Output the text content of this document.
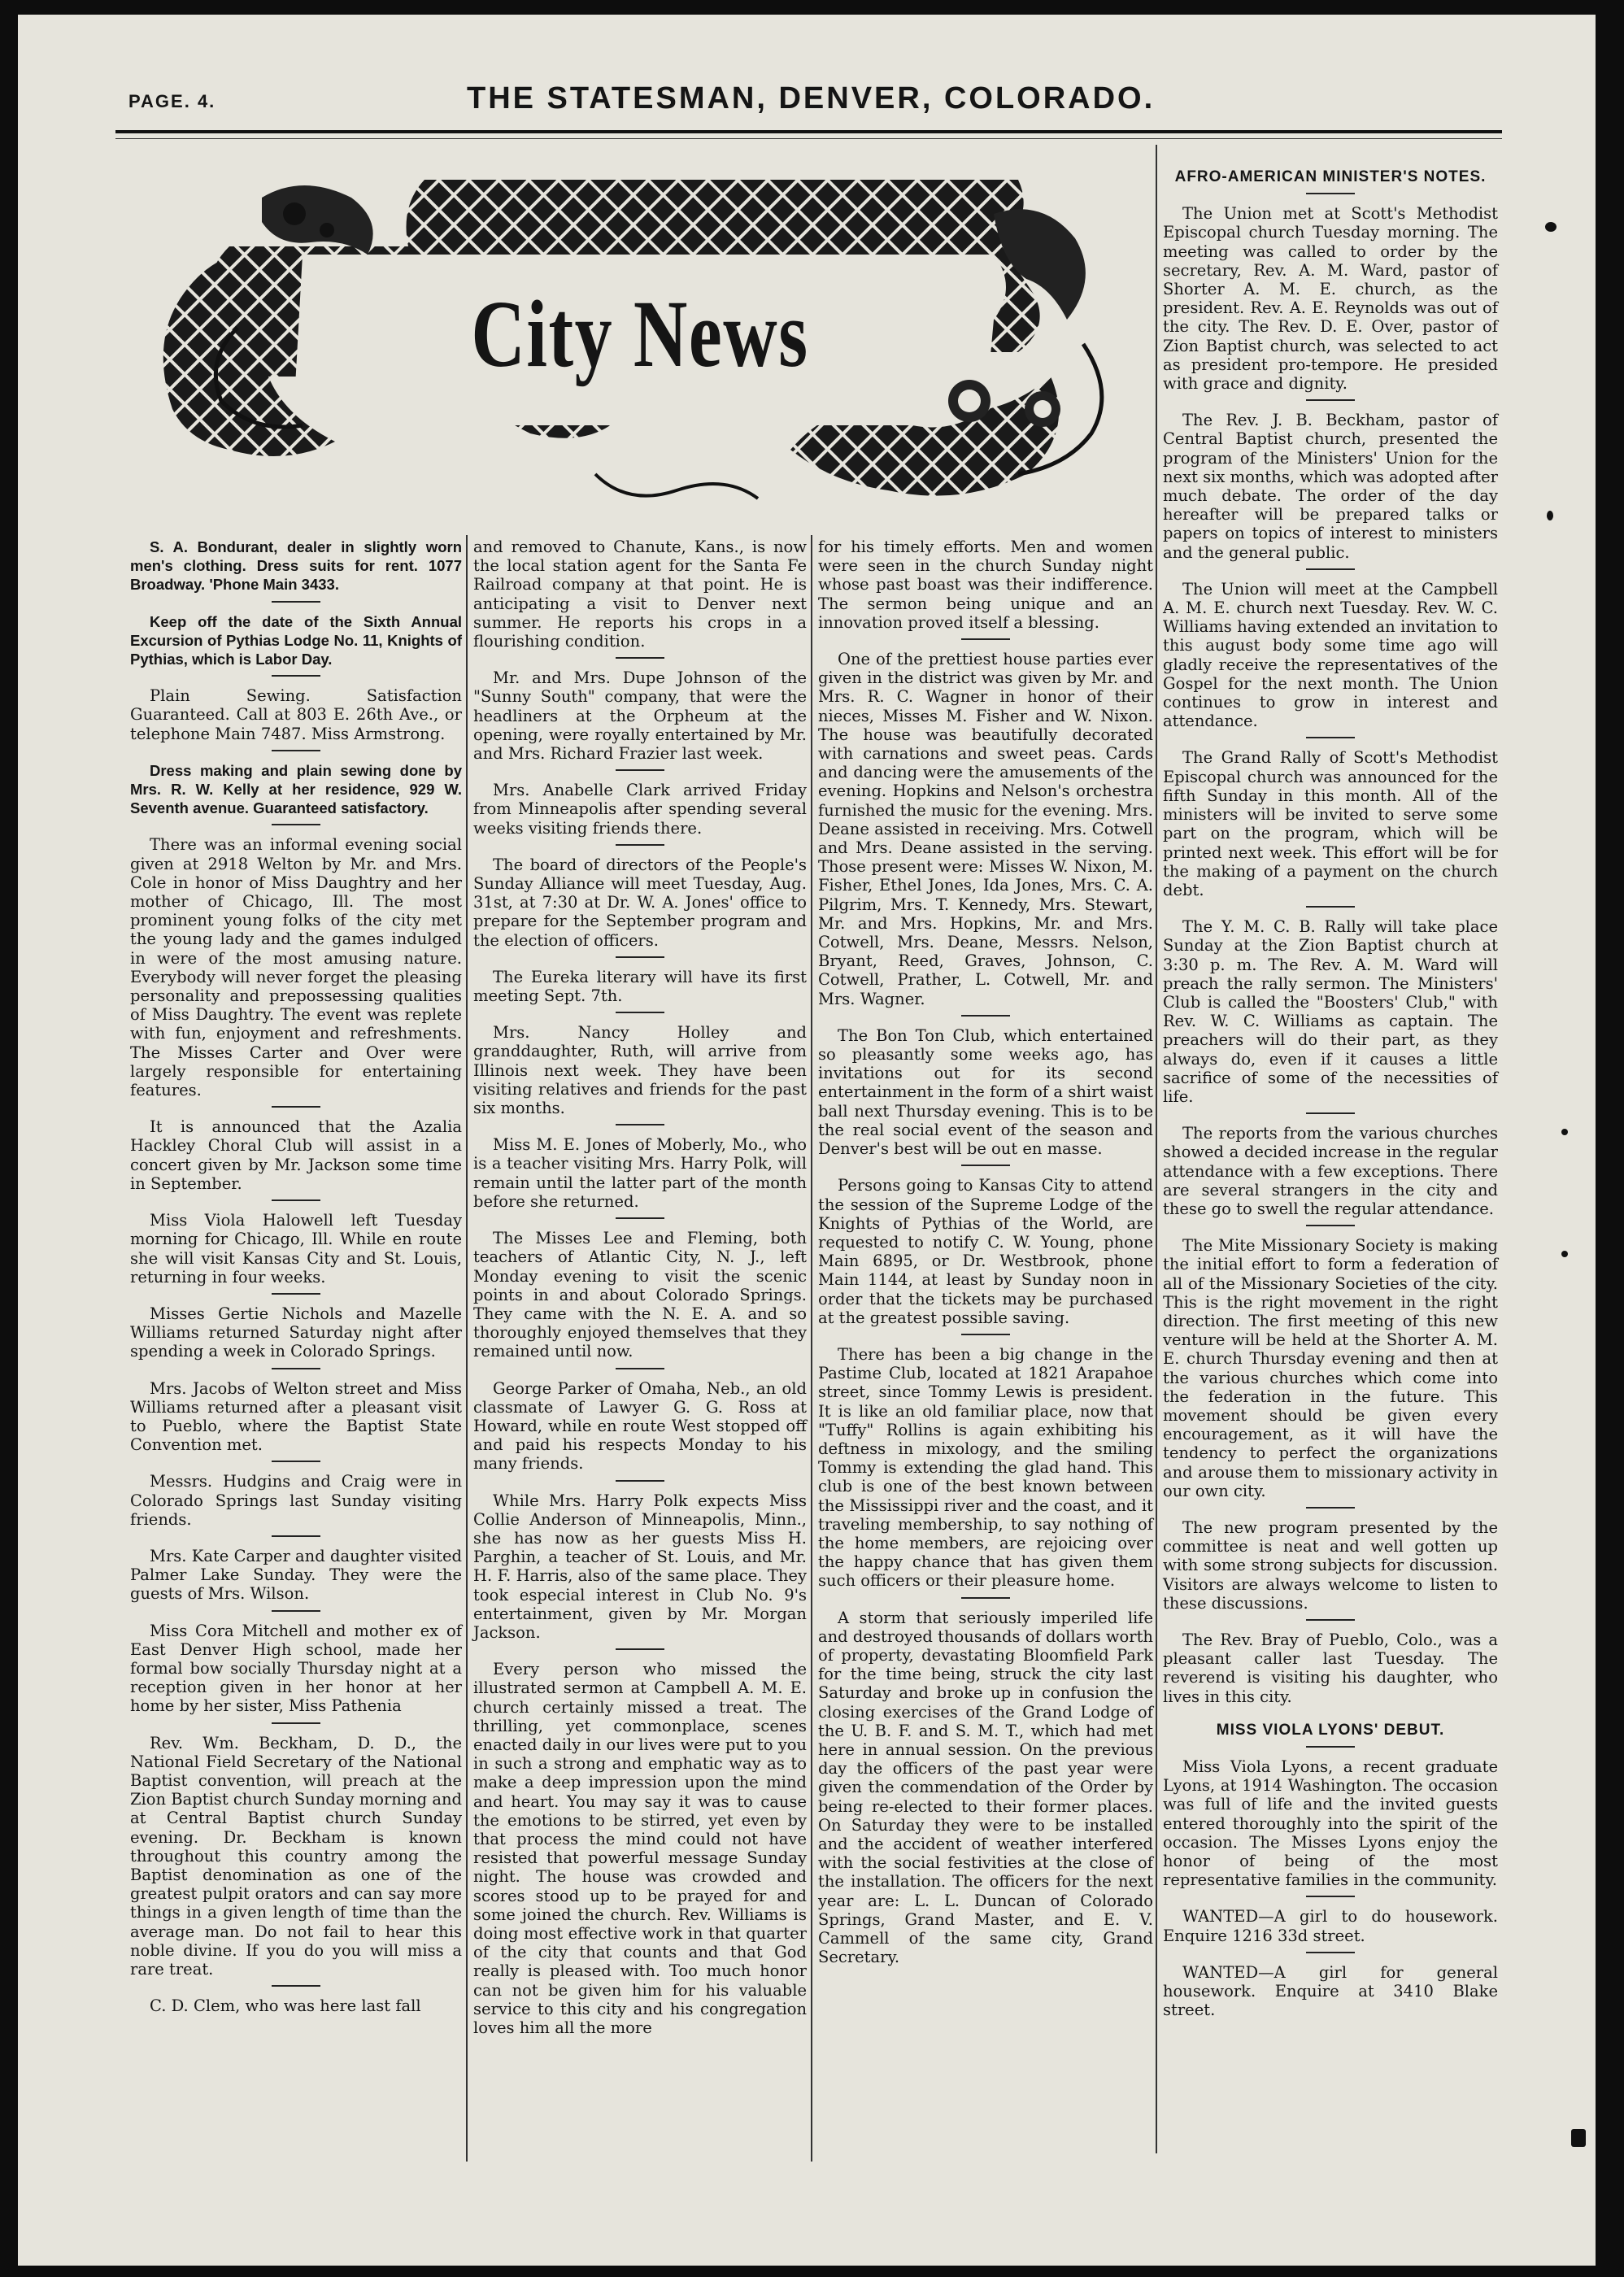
PAGE. 4.	THE STATESMAN, DENVER, COLORADO.
City News

S. A. Bondurant, dealer in slightly worn men's clothing. Dress suits for rent. 1077 Broadway. 'Phone Main 3433.

Keep off the date of the Sixth Annual Excursion of Pythias Lodge No. 11, Knights of Pythias, which is Labor Day.

Plain Sewing. Satisfaction Guaranteed. Call at 803 E. 26th Ave., or telephone Main 7487. Miss Armstrong.

Dress making and plain sewing done by Mrs. R. W. Kelly at her residence, 929 W. Seventh avenue. Guaranteed satisfactory.

There was an informal evening social given at 2918 Welton by Mr. and Mrs. Cole in honor of Miss Daughtry and her mother of Chicago, Ill. The most prominent young folks of the city met the young lady and the games indulged in were of the most amusing nature. Everybody will never forget the pleasing personality and prepossessing qualities of Miss Daughtry. The event was replete with fun, enjoyment and refreshments. The Misses Carter and Over were largely responsible for entertaining features.

It is announced that the Azalia Hackley Choral Club will assist in a concert given by Mr. Jackson some time in September.

Miss Viola Halowell left Tuesday morning for Chicago, Ill. While en route she will visit Kansas City and St. Louis, returning in four weeks.

Misses Gertie Nichols and Mazelle Williams returned Saturday night after spending a week in Colorado Springs.

Mrs. Jacobs of Welton street and Miss Williams returned after a pleasant visit to Pueblo, where the Baptist State Convention met.

Messrs. Hudgins and Craig were in Colorado Springs last Sunday visiting friends.

Mrs. Kate Carper and daughter visited Palmer Lake Sunday. They were the guests of Mrs. Wilson.

Miss Cora Mitchell and mother ex of East Denver High school, made her formal bow socially Thursday night at a reception given in her honor at her home by her sister, Miss Pathenia

Rev. Wm. Beckham, D. D., the National Field Secretary of the National Baptist convention, will preach at the Zion Baptist church Sunday morning and at Central Baptist church Sunday evening. Dr. Beckham is known throughout this country among the Baptist denomination as one of the greatest pulpit orators and can say more things in a given length of time than the average man. Do not fail to hear this noble divine. If you do you will miss a rare treat.

C. D. Clem, who was here last fall

and removed to Chanute, Kans., is now the local station agent for the Santa Fe Railroad company at that point. He is anticipating a visit to Denver next summer. He reports his crops in a flourishing condition.

Mr. and Mrs. Dupe Johnson of the "Sunny South" company, that were the headliners at the Orpheum at the opening, were royally entertained by Mr. and Mrs. Richard Frazier last week.

Mrs. Anabelle Clark arrived Friday from Minneapolis after spending several weeks visiting friends there.

The board of directors of the People's Sunday Alliance will meet Tuesday, Aug. 31st, at 7:30 at Dr. W. A. Jones' office to prepare for the September program and the election of officers.

The Eureka literary will have its first meeting Sept. 7th.

Mrs. Nancy Holley and granddaughter, Ruth, will arrive from Illinois next week. They have been visiting relatives and friends for the past six months.

Miss M. E. Jones of Moberly, Mo., who is a teacher visiting Mrs. Harry Polk, will remain until the latter part of the month before she returned.

The Misses Lee and Fleming, both teachers of Atlantic City, N. J., left Monday evening to visit the scenic points in and about Colorado Springs. They came with the N. E. A. and so thoroughly enjoyed themselves that they remained until now.

George Parker of Omaha, Neb., an old classmate of Lawyer G. G. Ross at Howard, while en route West stopped off and paid his respects Monday to his many friends.

While Mrs. Harry Polk expects Miss Collie Anderson of Minneapolis, Minn., she has now as her guests Miss H. Parghin, a teacher of St. Louis, and Mr. H. F. Harris, also of the same place. They took especial interest in Club No. 9's entertainment, given by Mr. Morgan Jackson.

Every person who missed the illustrated sermon at Campbell A. M. E. church certainly missed a treat. The thrilling, yet commonplace, scenes enacted daily in our lives were put to you in such a strong and emphatic way as to make a deep impression upon the mind and heart. You may say it was to cause the emotions to be stirred, yet even by that process the mind could not have resisted that powerful message Sunday night. The house was crowded and scores stood up to be prayed for and some joined the church. Rev. Williams is doing most effective work in that quarter of the city that counts and that God really is pleased with. Too much honor can not be given him for his valuable service to this city and his congregation loves him all the more

for his timely efforts. Men and women were seen in the church Sunday night whose past boast was their indifference. The sermon being unique and an innovation proved itself a blessing.

One of the prettiest house parties ever given in the district was given by Mr. and Mrs. R. C. Wagner in honor of their nieces, Misses M. Fisher and W. Nixon. The house was beautifully decorated with carnations and sweet peas. Cards and dancing were the amusements of the evening. Hopkins and Nelson's orchestra furnished the music for the evening. Mrs. Deane assisted in receiving. Mrs. Cotwell and Mrs. Deane assisted in the serving. Those present were: Misses W. Nixon, M. Fisher, Ethel Jones, Ida Jones, Mrs. C. A. Pilgrim, Mrs. T. Kennedy, Mrs. Stewart, Mr. and Mrs. Hopkins, Mr. and Mrs. Cotwell, Mrs. Deane, Messrs. Nelson, Bryant, Reed, Graves, Johnson, C. Cotwell, Prather, L. Cotwell, Mr. and Mrs. Wagner.

The Bon Ton Club, which entertained so pleasantly some weeks ago, has invitations out for its second entertainment in the form of a shirt waist ball next Thursday evening. This is to be the real social event of the season and Denver's best will be out en masse.

Persons going to Kansas City to attend the session of the Supreme Lodge of the Knights of Pythias of the World, are requested to notify C. W. Young, phone Main 6895, or Dr. Westbrook, phone Main 1144, at least by Sunday noon in order that the tickets may be purchased at the greatest possible saving.

There has been a big change in the Pastime Club, located at 1821 Arapahoe street, since Tommy Lewis is president. It is like an old familiar place, now that "Tuffy" Rollins is again exhibiting his deftness in mixology, and the smiling Tommy is extending the glad hand. This club is one of the best known between the Mississippi river and the coast, and it traveling membership, to say nothing of the home members, are rejoicing over the happy chance that has given them such officers or their pleasure home.

A storm that seriously imperiled life and destroyed thousands of dollars worth of property, devastating Bloomfield Park for the time being, struck the city last Saturday and broke up in confusion the closing exercises of the Grand Lodge of the U. B. F. and S. M. T., which had met here in annual session. On the previous day the officers of the past year were given the commendation of the Order by being re-elected to their former places. On Saturday they were to be installed and the accident of weather interfered with the social festivities at the close of the installation. The officers for the next year are: L. L. Duncan of Colorado Springs, Grand Master, and E. V. Cammell of the same city, Grand Secretary.

AFRO-AMERICAN MINISTER'S NOTES.

The Union met at Scott's Methodist Episcopal church Tuesday morning. The meeting was called to order by the secretary, Rev. A. M. Ward, pastor of Shorter A. M. E. church, as the president. Rev. A. E. Reynolds was out of the city. The Rev. D. E. Over, pastor of Zion Baptist church, was selected to act as president pro-tempore. He presided with grace and dignity.

The Rev. J. B. Beckham, pastor of Central Baptist church, presented the program of the Ministers' Union for the next six months, which was adopted after much debate. The order of the day hereafter will be prepared talks or papers on topics of interest to ministers and the general public.

The Union will meet at the Campbell A. M. E. church next Tuesday. Rev. W. C. Williams having extended an invitation to this august body some time ago will gladly receive the representatives of the Gospel for the next month. The Union continues to grow in interest and attendance.

The Grand Rally of Scott's Methodist Episcopal church was announced for the fifth Sunday in this month. All of the ministers will be invited to serve some part on the program, which will be printed next week. This effort will be for the making of a payment on the church debt.

The Y. M. C. B. Rally will take place Sunday at the Zion Baptist church at 3:30 p. m. The Rev. A. M. Ward will preach the rally sermon. The Ministers' Club is called the "Boosters' Club," with Rev. W. C. Williams as captain. The preachers will do their part, as they always do, even if it causes a little sacrifice of some of the necessities of life.

The reports from the various churches showed a decided increase in the regular attendance with a few exceptions. There are several strangers in the city and these go to swell the regular attendance.

The Mite Missionary Society is making the initial effort to form a federation of all of the Missionary Societies of the city. This is the right movement in the right direction. The first meeting of this new venture will be held at the Shorter A. M. E. church Thursday evening and then at the various churches which come into the federation in the future. This movement should be given every encouragement, as it will have the tendency to perfect the organizations and arouse them to missionary activity in our own city.

The new program presented by the committee is neat and well gotten up with some strong subjects for discussion. Visitors are always welcome to listen to these discussions.

The Rev. Bray of Pueblo, Colo., was a pleasant caller last Tuesday. The reverend is visiting his daughter, who lives in this city.

MISS VIOLA LYONS' DEBUT.

Miss Viola Lyons, a recent graduate Lyons, at 1914 Washington. The occasion was full of life and the invited guests entered thoroughly into the spirit of the occasion. The Misses Lyons enjoy the honor of being of the most representative families in the community.

WANTED—A girl to do housework. Enquire 1216 33d street.

WANTED—A girl for general housework. Enquire at 3410 Blake street.
